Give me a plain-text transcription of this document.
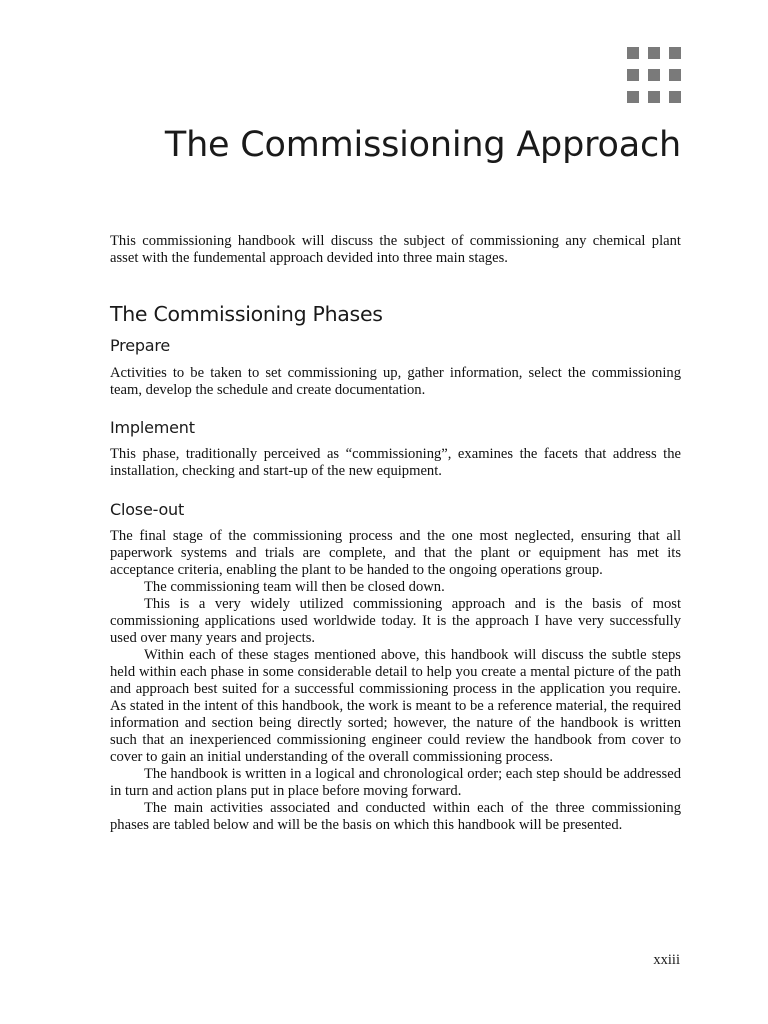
The Commissioning Approach

This commissioning handbook will discuss the subject of commissioning any chemical plant asset with the fundemental approach devided into three main stages.

The Commissioning Phases
Prepare

Activities to be taken to set commissioning up, gather information, select the commissioning team, develop the schedule and create documentation.

Implement

This phase, traditionally perceived as “commissioning”, examines the facets that address the installation, checking and start-up of the new equipment.

Close-out

The final stage of the commissioning process and the one most neglected, ensuring that all paperwork systems and trials are complete, and that the plant or equipment has met its acceptance criteria, enabling the plant to be handed to the ongoing operations group.

The commissioning team will then be closed down.

This is a very widely utilized commissioning approach and is the basis of most commissioning applications used worldwide today. It is the approach I have very successfully used over many years and projects.

Within each of these stages mentioned above, this handbook will discuss the subtle steps held within each phase in some considerable detail to help you create a mental picture of the path and approach best suited for a successful commissioning process in the application you require. As stated in the intent of this handbook, the work is meant to be a reference material, the required information and section being directly sorted; however, the nature of the handbook is written such that an inexperienced commissioning engineer could review the handbook from cover to cover to gain an initial understanding of the overall commissioning process.

The handbook is written in a logical and chronological order; each step should be addressed in turn and action plans put in place before moving forward.

The main activities associated and conducted within each of the three commissioning phases are tabled below and will be the basis on which this handbook will be presented.

xxiii
